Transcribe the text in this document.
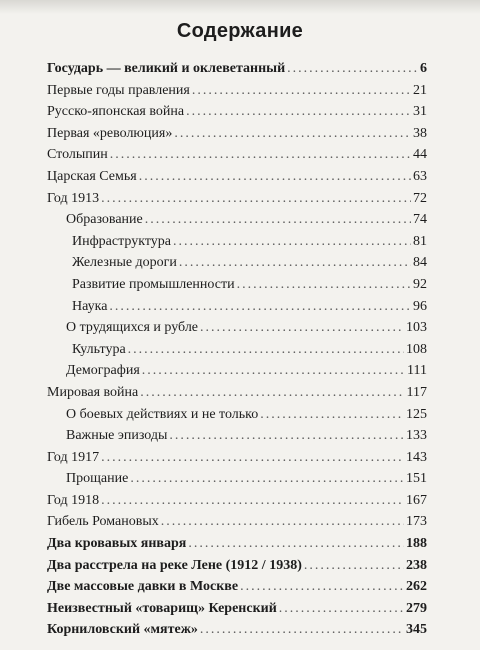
Содержание
Государь — великий и оклеветанный .....	6
Первые годы правления .....	21
Русско-японская война .....	31
Первая «революция» .....	38
Столыпин .....	44
Царская Семья .....	63
Год 1913 .....	72
Образование .....	74
Инфраструктура .....	81
Железные дороги .....	84
Развитие промышленности .....	92
Наука .....	96
О трудящихся и рубле .....	103
Культура .....	108
Демография .....	111
Мировая война .....	117
О боевых действиях и не только .....	125
Важные эпизоды .....	133
Год 1917 .....	143
Прощание .....	151
Год 1918 .....	167
Гибель Романовых .....	173
Два кровавых января .....	188
Два расстрела на реке Лене (1912 / 1938) .....	238
Две массовые давки в Москве .....	262
Неизвестный «товарищ» Керенский .....	279
Корниловский «мятеж» .....	345
